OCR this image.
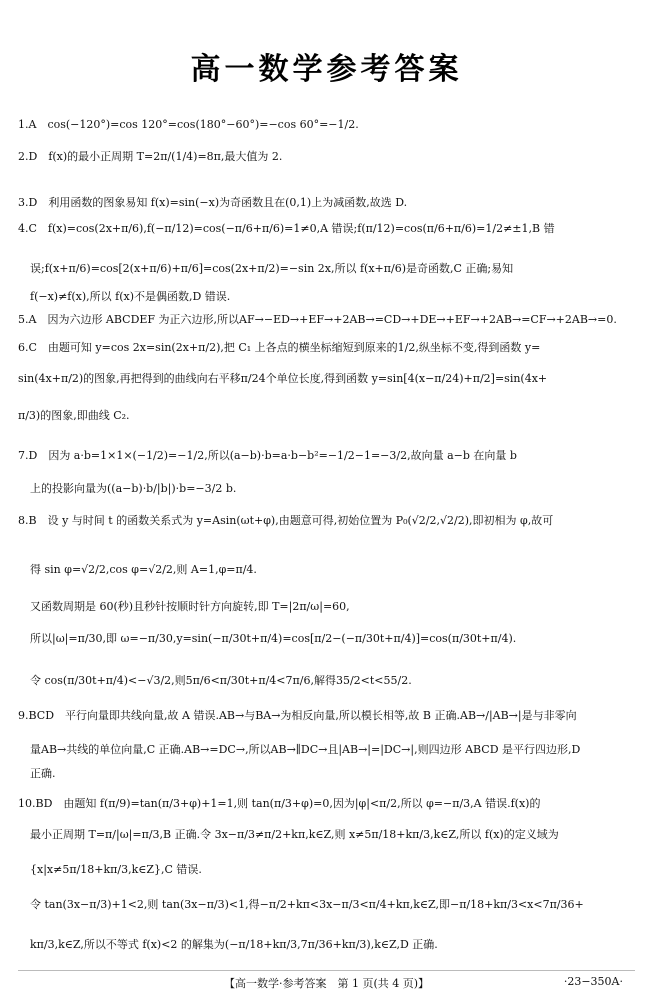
高一数学参考答案
1.A　cos(−120°)=cos 120°=cos(180°−60°)=−cos 60°=−1/2.
2.D　f(x)的最小正周期 T=2π/(1/4)=8π,最大值为 2.
3.D　利用函数的图象易知 f(x)=sin(−x)为奇函数且在(0,1)上为减函数,故选 D.
4.C　f(x)=cos(2x+π/6),f(−π/12)=cos(−π/6+π/6)=1≠0,A 错误;f(π/12)=cos(π/6+π/6)=1/2≠±1,B 错
误;f(x+π/6)=cos[2(x+π/6)+π/6]=cos(2x+π/2)=−sin 2x,所以 f(x+π/6)是奇函数,C 正确;易知
f(−x)≠f(x),所以 f(x)不是偶函数,D 错误.
5.A　因为六边形 ABCDEF 为正六边形,所以AF→−ED→+EF→+2AB→=CD→+DE→+EF→+2AB→=CF→+2AB→=0.
6.C　由题可知 y=cos 2x=sin(2x+π/2),把 C₁ 上各点的横坐标缩短到原来的1/2,纵坐标不变,得到函数 y=
sin(4x+π/2)的图象,再把得到的曲线向右平移π/24个单位长度,得到函数 y=sin[4(x−π/24)+π/2]=sin(4x+
π/3)的图象,即曲线 C₂.
7.D　因为 a·b=1×1×(−1/2)=−1/2,所以(a−b)·b=a·b−b²=−1/2−1=−3/2,故向量 a−b 在向量 b
上的投影向量为((a−b)·b/|b|)·b=−3/2 b.
8.B　设 y 与时间 t 的函数关系式为 y=Asin(ωt+φ),由题意可得,初始位置为 P₀(√2/2,√2/2),即初相为 φ,故可
得 sin φ=√2/2,cos φ=√2/2,则 A=1,φ=π/4.
又函数周期是 60(秒)且秒针按顺时针方向旋转,即 T=|2π/ω|=60,
所以|ω|=π/30,即 ω=−π/30,y=sin(−π/30t+π/4)=cos[π/2−(−π/30t+π/4)]=cos(π/30t+π/4).
令 cos(π/30t+π/4)<−√3/2,则5π/6<π/30t+π/4<7π/6,解得35/2<t<55/2.
9.BCD　平行向量即共线向量,故 A 错误.AB→与BA→为相反向量,所以模长相等,故 B 正确.AB→/|AB→|是与非零向
量AB→共线的单位向量,C 正确.AB→=DC→,所以AB→∥DC→且|AB→|=|DC→|,则四边形 ABCD 是平行四边形,D
正确.
10.BD　由题知 f(π/9)=tan(π/3+φ)+1=1,则 tan(π/3+φ)=0,因为|φ|<π/2,所以 φ=−π/3,A 错误.f(x)的
最小正周期 T=π/|ω|=π/3,B 正确.令 3x−π/3≠π/2+kπ,k∈Z,则 x≠5π/18+kπ/3,k∈Z,所以 f(x)的定义域为
{x|x≠5π/18+kπ/3,k∈Z},C 错误.
令 tan(3x−π/3)+1<2,则 tan(3x−π/3)<1,得−π/2+kπ<3x−π/3<π/4+kπ,k∈Z,即−π/18+kπ/3<x<7π/36+
kπ/3,k∈Z,所以不等式 f(x)<2 的解集为(−π/18+kπ/3,7π/36+kπ/3),k∈Z,D 正确.
【高一数学·参考答案　第 1 页(共 4 页)】	·23−350A·
